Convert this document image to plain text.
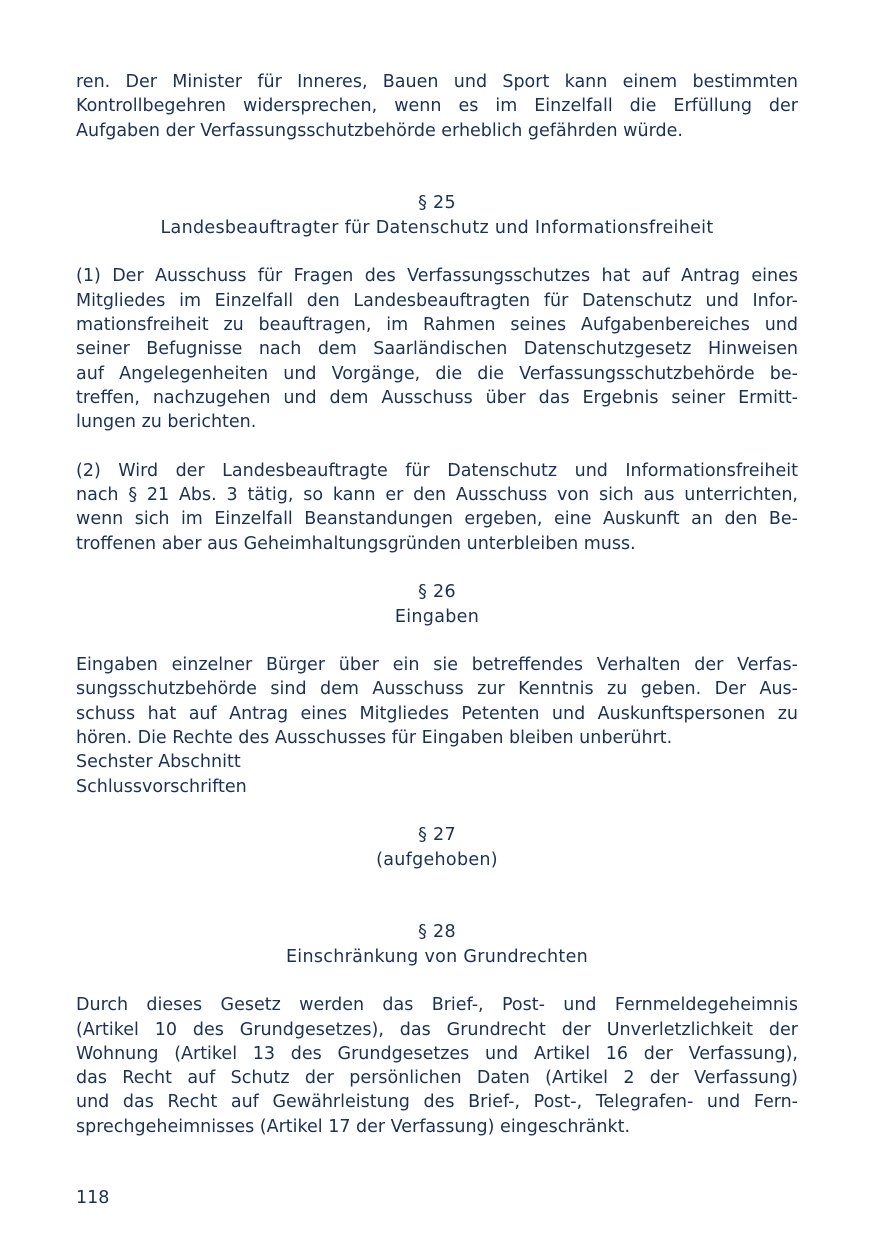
ren. Der Minister für Inneres, Bauen und Sport kann einem bestimmten
Kontrollbegehren widersprechen, wenn es im Einzelfall die Erfüllung der
Aufgaben der Verfassungsschutzbehörde erheblich gefährden würde.
§ 25
Landesbeauftragter für Datenschutz und Informationsfreiheit
(1) Der Ausschuss für Fragen des Verfassungsschutzes hat auf Antrag eines
Mitgliedes im Einzelfall den Landesbeauftragten für Datenschutz und Infor-
mationsfreiheit zu beauftragen, im Rahmen seines Aufgabenbereiches und
seiner Befugnisse nach dem Saarländischen Datenschutzgesetz Hinweisen
auf Angelegenheiten und Vorgänge, die die Verfassungsschutzbehörde be-
treffen, nachzugehen und dem Ausschuss über das Ergebnis seiner Ermitt-
lungen zu berichten.
(2) Wird der Landesbeauftragte für Datenschutz und Informationsfreiheit
nach § 21 Abs. 3 tätig, so kann er den Ausschuss von sich aus unterrichten,
wenn sich im Einzelfall Beanstandungen ergeben, eine Auskunft an den Be-
troffenen aber aus Geheimhaltungsgründen unterbleiben muss.
§ 26
Eingaben
Eingaben einzelner Bürger über ein sie betreffendes Verhalten der Verfas-
sungsschutzbehörde sind dem Ausschuss zur Kenntnis zu geben. Der Aus-
schuss hat auf Antrag eines Mitgliedes Petenten und Auskunftspersonen zu
hören. Die Rechte des Ausschusses für Eingaben bleiben unberührt.
Sechster Abschnitt
Schlussvorschriften
§ 27
(aufgehoben)
§ 28
Einschränkung von Grundrechten
Durch dieses Gesetz werden das Brief-, Post- und Fernmeldegeheimnis
(Artikel 10 des Grundgesetzes), das Grundrecht der Unverletzlichkeit der
Wohnung (Artikel 13 des Grundgesetzes und Artikel 16 der Verfassung),
das Recht auf Schutz der persönlichen Daten (Artikel 2 der Verfassung)
und das Recht auf Gewährleistung des Brief-, Post-, Telegrafen- und Fern-
sprechgeheimnisses (Artikel 17 der Verfassung) eingeschränkt.
118
